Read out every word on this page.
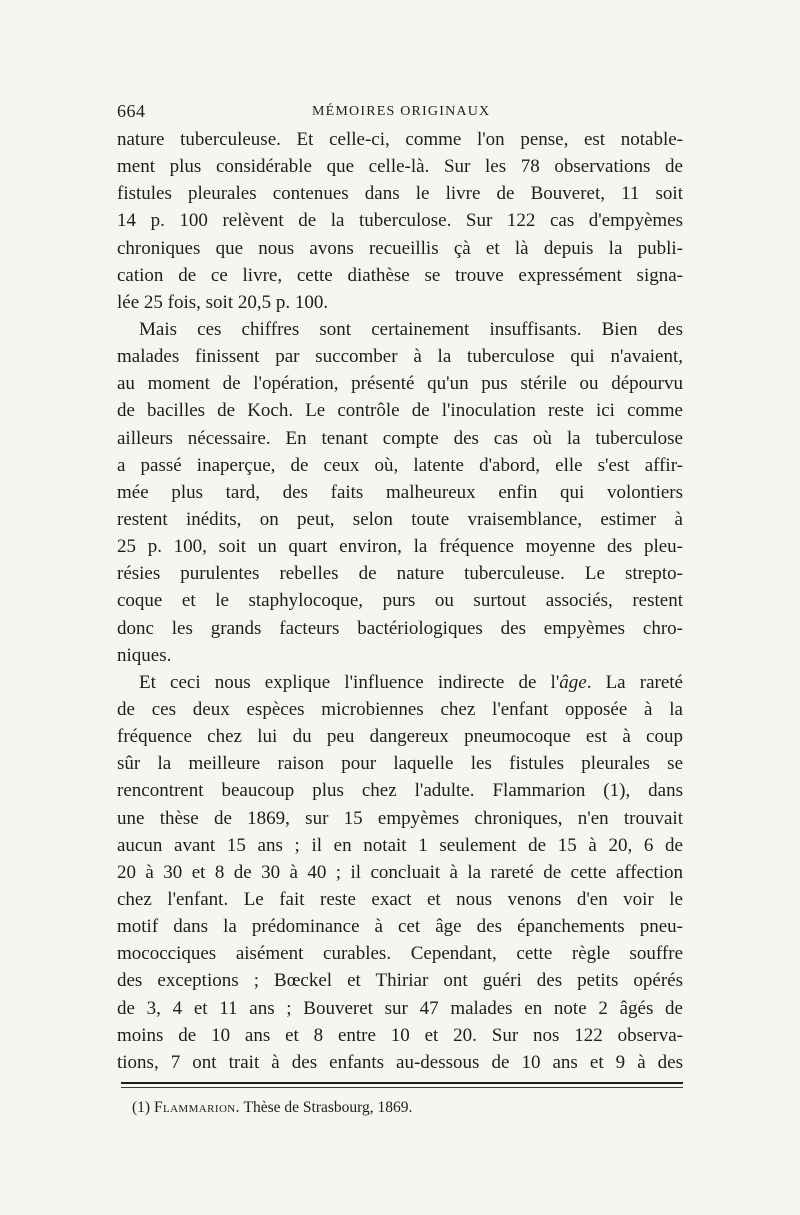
664	MÉMOIRES ORIGINAUX
nature tuberculeuse. Et celle-ci, comme l'on pense, est notable-
ment plus considérable que celle-là. Sur les 78 observations de
fistules pleurales contenues dans le livre de Bouveret, 11 soit
14 p. 100 relèvent de la tuberculose. Sur 122 cas d'empyèmes
chroniques que nous avons recueillis çà et là depuis la publi-
cation de ce livre, cette diathèse se trouve expressément signa-
lée 25 fois, soit 20,5 p. 100.
Mais ces chiffres sont certainement insuffisants. Bien des
malades finissent par succomber à la tuberculose qui n'avaient,
au moment de l'opération, présenté qu'un pus stérile ou dépourvu
de bacilles de Koch. Le contrôle de l'inoculation reste ici comme
ailleurs nécessaire. En tenant compte des cas où la tuberculose
a passé inaperçue, de ceux où, latente d'abord, elle s'est affir-
mée plus tard, des faits malheureux enfin qui volontiers
restent inédits, on peut, selon toute vraisemblance, estimer à
25 p. 100, soit un quart environ, la fréquence moyenne des pleu-
résies purulentes rebelles de nature tuberculeuse. Le strepto-
coque et le staphylocoque, purs ou surtout associés, restent
donc les grands facteurs bactériologiques des empyèmes chro-
niques.
Et ceci nous explique l'influence indirecte de l'âge. La rareté
de ces deux espèces microbiennes chez l'enfant opposée à la
fréquence chez lui du peu dangereux pneumocoque est à coup
sûr la meilleure raison pour laquelle les fistules pleurales se
rencontrent beaucoup plus chez l'adulte. Flammarion (1), dans
une thèse de 1869, sur 15 empyèmes chroniques, n'en trouvait
aucun avant 15 ans ; il en notait 1 seulement de 15 à 20, 6 de
20 à 30 et 8 de 30 à 40 ; il concluait à la rareté de cette affection
chez l'enfant. Le fait reste exact et nous venons d'en voir le
motif dans la prédominance à cet âge des épanchements pneu-
mococciques aisément curables. Cependant, cette règle souffre
des exceptions ; Bœckel et Thiriar ont guéri des petits opérés
de 3, 4 et 11 ans ; Bouveret sur 47 malades en note 2 âgés de
moins de 10 ans et 8 entre 10 et 20. Sur nos 122 observa-
tions, 7 ont trait à des enfants au-dessous de 10 ans et 9 à des
(1) Flammarion. Thèse de Strasbourg, 1869.
